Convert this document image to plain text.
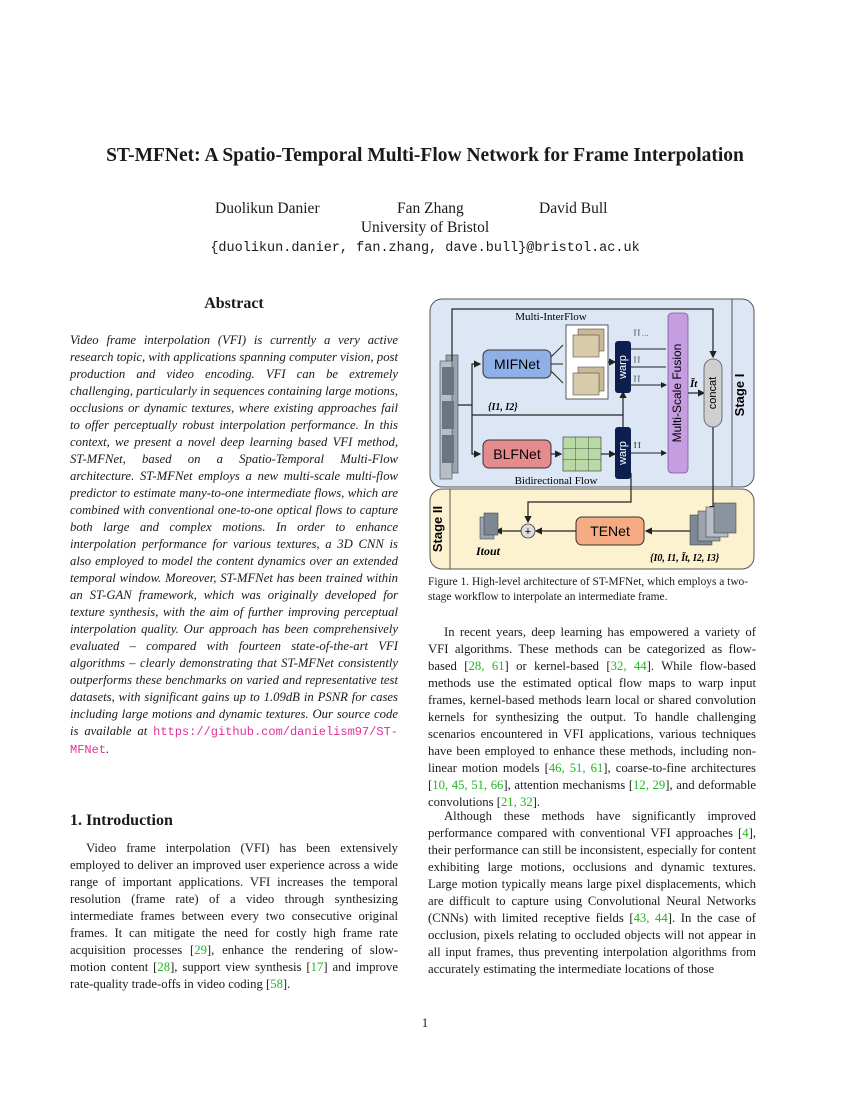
ST-MFNet: A Spatio-Temporal Multi-Flow Network for Frame Interpolation
Duolikun Danier	Fan Zhang	David Bull
University of Bristol
{duolikun.danier, fan.zhang, dave.bull}@bristol.ac.uk
Abstract
Video frame interpolation (VFI) is currently a very active research topic, with applications spanning computer vision, post production and video encoding. VFI can be extremely challenging, particularly in sequences containing large motions, occlusions or dynamic textures, where existing approaches fail to offer perceptually robust interpolation performance. In this context, we present a novel deep learning based VFI method, ST-MFNet, based on a Spatio-Temporal Multi-Flow architecture. ST-MFNet employs a new multi-scale multi-flow predictor to estimate many-to-one intermediate flows, which are combined with conventional one-to-one optical flows to capture both large and complex motions. In order to enhance interpolation performance for various textures, a 3D CNN is also employed to model the content dynamics over an extended temporal window. Moreover, ST-MFNet has been trained within an ST-GAN framework, which was originally developed for texture synthesis, with the aim of further improving perceptual interpolation quality. Our approach has been comprehensively evaluated – compared with fourteen state-of-the-art VFI algorithms – clearly demonstrating that ST-MFNet consistently outperforms these benchmarks on varied and representative test datasets, with significant gains up to 1.09dB in PSNR for cases including large motions and dynamic textures. Our source code is available at https://github.com/danielism97/ST-MFNet.
1. Introduction
Video frame interpolation (VFI) has been extensively employed to deliver an improved user experience across a wide range of important applications. VFI increases the temporal resolution (frame rate) of a video through synthesizing intermediate frames between every two consecutive original frames. It can mitigate the need for costly high frame rate acquisition processes [29], enhance the rendering of slow-motion content [28], support view synthesis [17] and improve rate-quality trade-offs in video coding [58].
Stage I
Stage II
MIFNet
Multi-InterFlow
warp
Ĩ Ĩ …
Ĩ Ĩ
Ĩ Ĩ
BLFNet
{I1, I2}
Bidirectional Flow
warp Ĩ Ĩ
Multi-Scale Fusion Ĩt concat
{I0, I1, Ĩt, I2, I3}
TENet
+
Itout
Figure 1. High-level architecture of ST-MFNet, which employs a two-stage workflow to interpolate an intermediate frame.
In recent years, deep learning has empowered a variety of VFI algorithms. These methods can be categorized as flow-based [28, 61] or kernel-based [32, 44]. While flow-based methods use the estimated optical flow maps to warp input frames, kernel-based methods learn local or shared convolution kernels for synthesizing the output. To handle challenging scenarios encountered in VFI applications, various techniques have been employed to enhance these methods, including non-linear motion models [46, 51, 61], coarse-to-fine architectures [10, 45, 51, 66], attention mechanisms [12, 29], and deformable convolutions [21, 32].
Although these methods have significantly improved performance compared with conventional VFI approaches [4], their performance can still be inconsistent, especially for content exhibiting large motions, occlusions and dynamic textures. Large motion typically means large pixel displacements, which are difficult to capture using Convolutional Neural Networks (CNNs) with limited receptive fields [43, 44]. In the case of occlusion, pixels relating to occluded objects will not appear in all input frames, thus preventing interpolation algorithms from accurately estimating the intermediate locations of those
1
